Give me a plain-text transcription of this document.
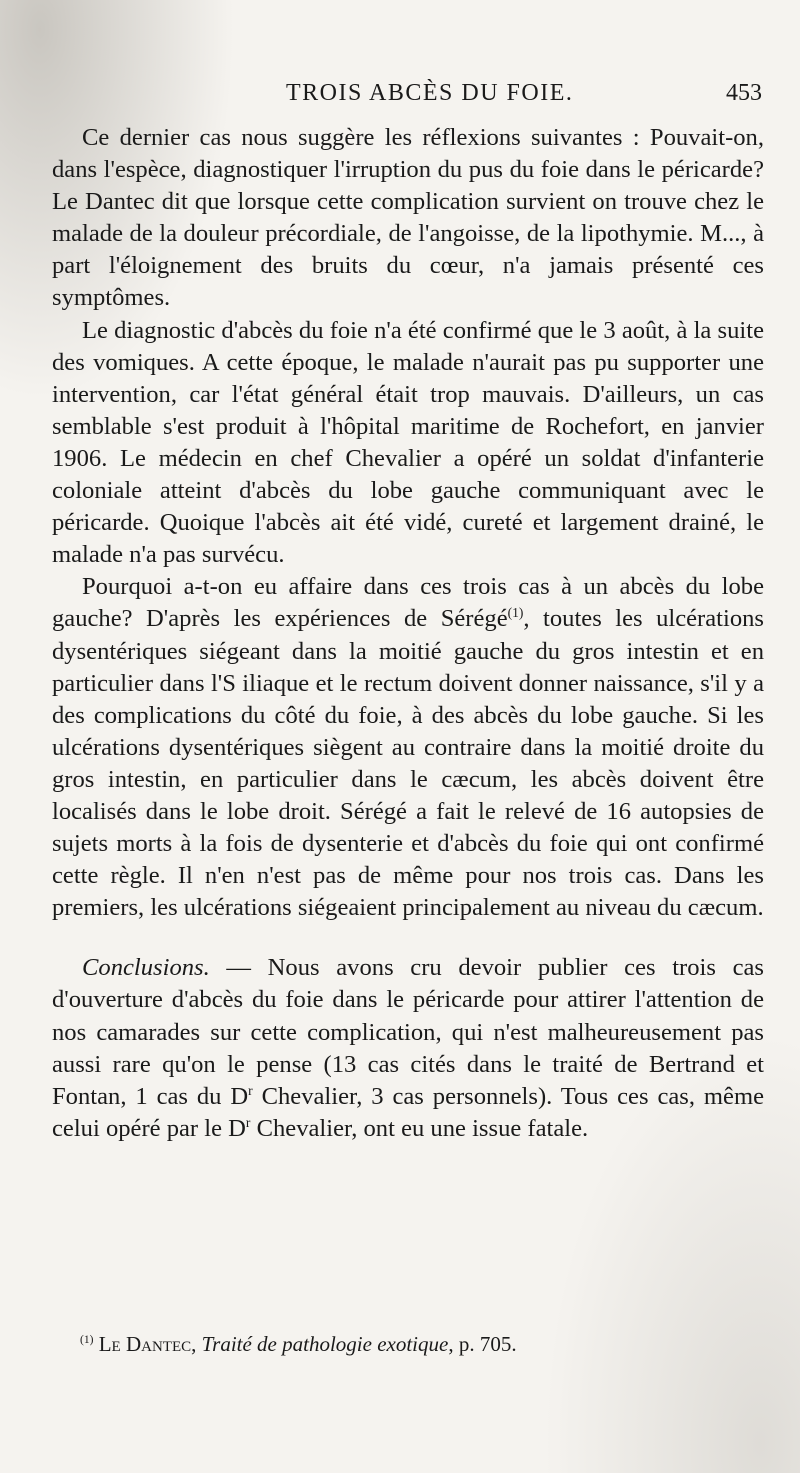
TROIS ABCÈS DU FOIE.	453

Ce dernier cas nous suggère les réflexions suivantes : Pouvait-on, dans l'espèce, diagnostiquer l'irruption du pus du foie dans le péricarde? Le Dantec dit que lorsque cette complication survient on trouve chez le malade de la douleur précordiale, de l'angoisse, de la lipothymie. M..., à part l'éloignement des bruits du cœur, n'a jamais présenté ces symptômes.

Le diagnostic d'abcès du foie n'a été confirmé que le 3 août, à la suite des vomiques. A cette époque, le malade n'aurait pas pu supporter une intervention, car l'état général était trop mauvais. D'ailleurs, un cas semblable s'est produit à l'hôpital maritime de Rochefort, en janvier 1906. Le médecin en chef Chevalier a opéré un soldat d'infanterie coloniale atteint d'abcès du lobe gauche communiquant avec le péricarde. Quoique l'abcès ait été vidé, cureté et largement drainé, le malade n'a pas survécu.

Pourquoi a-t-on eu affaire dans ces trois cas à un abcès du lobe gauche? D'après les expériences de Sérégé$^{(1)}$, toutes les ulcérations dysentériques siégeant dans la moitié gauche du gros intestin et en particulier dans l'S iliaque et le rectum doivent donner naissance, s'il y a des complications du côté du foie, à des abcès du lobe gauche. Si les ulcérations dysentériques siègent au contraire dans la moitié droite du gros intestin, en particulier dans le cæcum, les abcès doivent être localisés dans le lobe droit. Sérégé a fait le relevé de 16 autopsies de sujets morts à la fois de dysenterie et d'abcès du foie qui ont confirmé cette règle. Il n'en n'est pas de même pour nos trois cas. Dans les premiers, les ulcérations siégeaient principalement au niveau du cæcum.

Conclusions. — Nous avons cru devoir publier ces trois cas d'ouverture d'abcès du foie dans le péricarde pour attirer l'attention de nos camarades sur cette complication, qui n'est malheureusement pas aussi rare qu'on le pense (13 cas cités dans le traité de Bertrand et Fontan, 1 cas du $D^r$ Chevalier, 3 cas personnels). Tous ces cas, même celui opéré par le $D^r$ Chevalier, ont eu une issue fatale.

$^{(1)}$ Le Dantec, Traité de pathologie exotique, p. 705.
